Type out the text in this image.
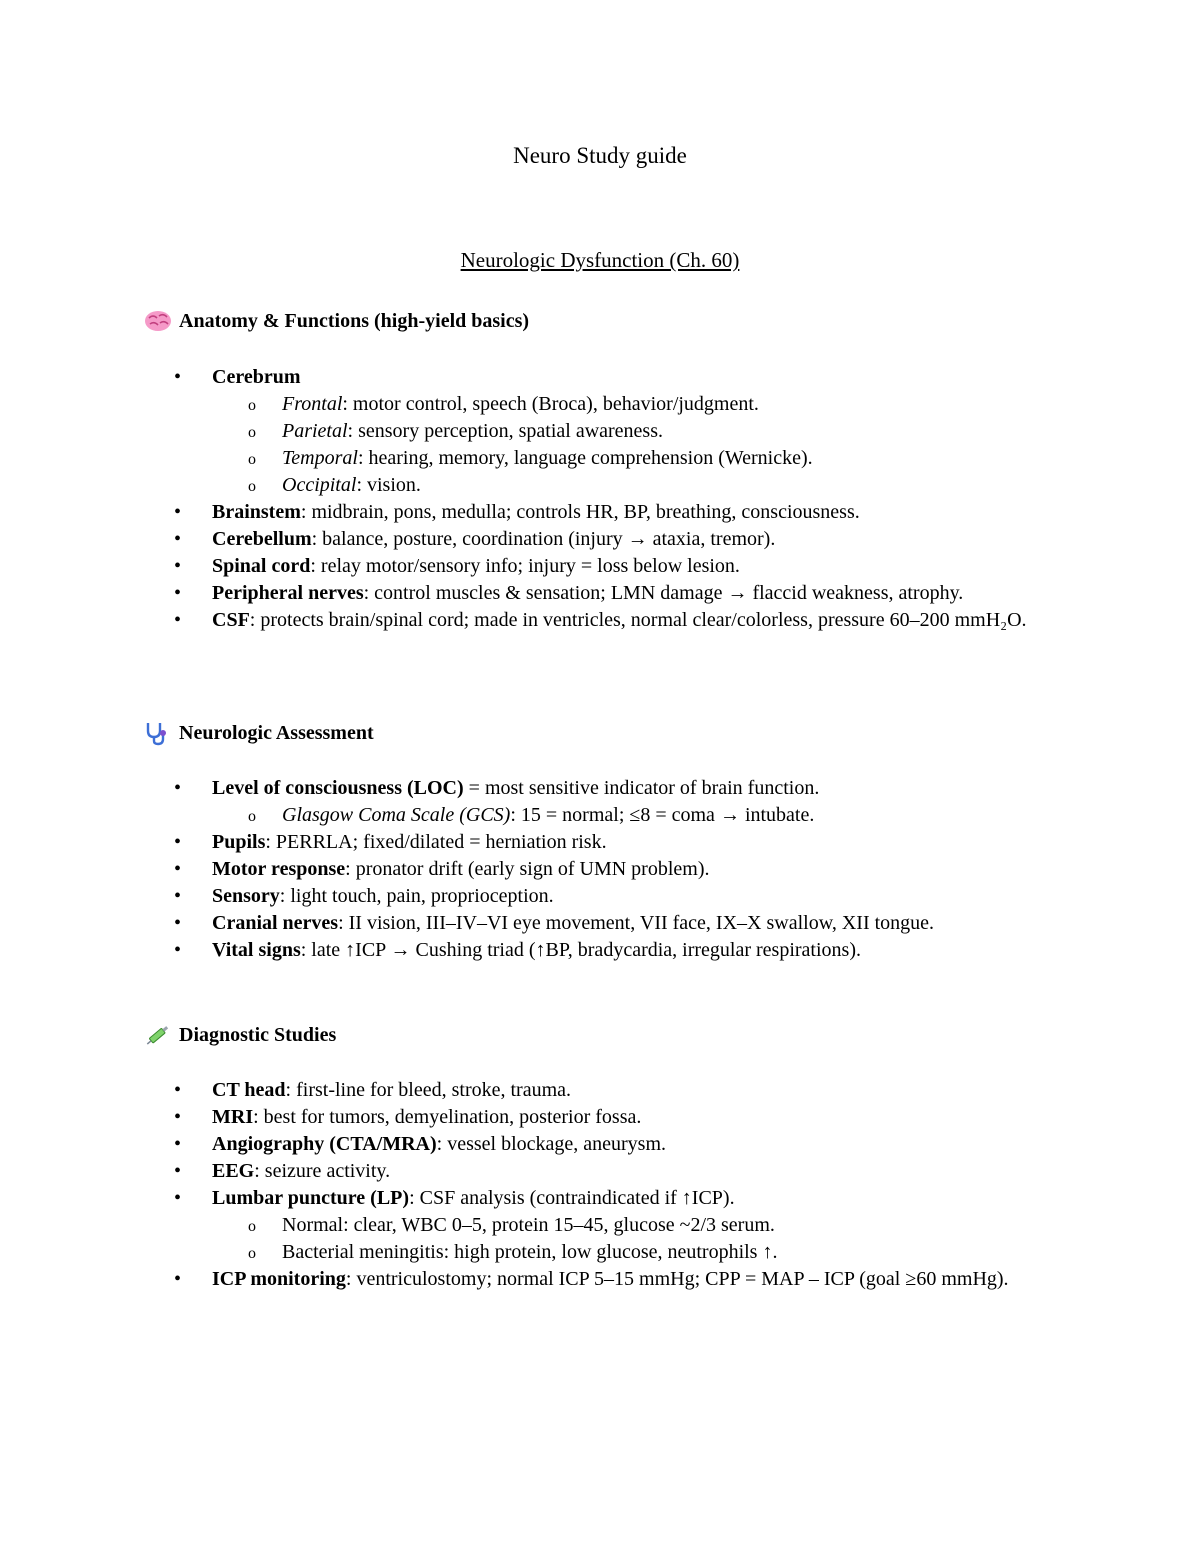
Neuro Study guide
Neurologic Dysfunction (Ch. 60)
Anatomy & Functions (high-yield basics)
• Cerebrum
o Frontal: motor control, speech (Broca), behavior/judgment.
o Parietal: sensory perception, spatial awareness.
o Temporal: hearing, memory, language comprehension (Wernicke).
o Occipital: vision.
• Brainstem: midbrain, pons, medulla; controls HR, BP, breathing, consciousness.
• Cerebellum: balance, posture, coordination (injury → ataxia, tremor).
• Spinal cord: relay motor/sensory info; injury = loss below lesion.
• Peripheral nerves: control muscles & sensation; LMN damage → flaccid weakness, atrophy.
• CSF: protects brain/spinal cord; made in ventricles, normal clear/colorless, pressure 60–200 mmH₂O.
Neurologic Assessment
• Level of consciousness (LOC) = most sensitive indicator of brain function.
o Glasgow Coma Scale (GCS): 15 = normal; ≤8 = coma → intubate.
• Pupils: PERRLA; fixed/dilated = herniation risk.
• Motor response: pronator drift (early sign of UMN problem).
• Sensory: light touch, pain, proprioception.
• Cranial nerves: II vision, III–IV–VI eye movement, VII face, IX–X swallow, XII tongue.
• Vital signs: late ↑ICP → Cushing triad (↑BP, bradycardia, irregular respirations).
Diagnostic Studies
• CT head: first-line for bleed, stroke, trauma.
• MRI: best for tumors, demyelination, posterior fossa.
• Angiography (CTA/MRA): vessel blockage, aneurysm.
• EEG: seizure activity.
• Lumbar puncture (LP): CSF analysis (contraindicated if ↑ICP).
o Normal: clear, WBC 0–5, protein 15–45, glucose ~2/3 serum.
o Bacterial meningitis: high protein, low glucose, neutrophils ↑.
• ICP monitoring: ventriculostomy; normal ICP 5–15 mmHg; CPP = MAP – ICP (goal ≥60 mmHg).
